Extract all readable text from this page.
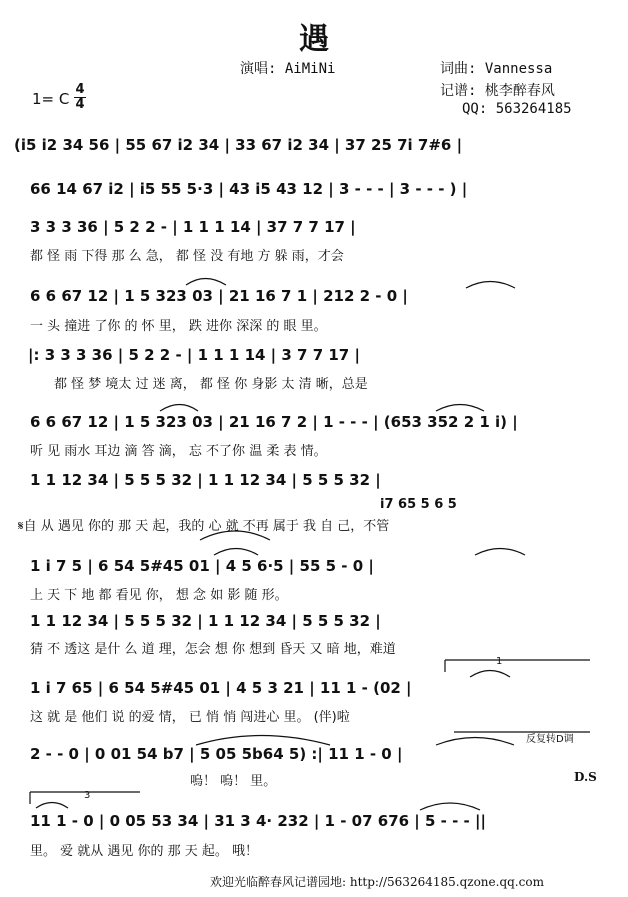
遇
演唱: AiMiNi	词曲: Vannessa
记谱: 桃李醉春风
QQ: 563264185
1= C
4
4
(i5 i2 34 56 | 55 67 i2 34 | 33 67 i2 34 | 37 25 7i 7#6 |
66 14 67 i2 | i5 55 5·3 | 43 i5 43 12 | 3 - - - | 3 - - - ) |
3 3 3 36 | 5 2 2 - | 1 1 1 14 | 37 7 7 17 |
都 怪 雨 下得 那 么 急， 都 怪 没 有地 方 躲 雨，才会
6 6 67 12 | 1 5 323 03 | 21 16 7 1 | 212 2 - 0 |
一 头 撞进 了你 的 怀 里， 跌 进你 深深 的 眼 里。
|: 3 3 3 36 | 5 2 2 - | 1 1 1 14 | 3 7 7 17 |
都 怪 梦 境太 过 迷 离， 都 怪 你 身影 太 清 晰，总是
6 6 67 12 | 1 5 323 03 | 21 16 7 2 | 1 - - - | (653 352 2 1 i) |
听 见 雨水 耳边 滴 答 滴， 忘 不了你 温 柔 表 情。
1 1 12 34 | 5 5 5 32 | 1 1 12 34 | 5 5 5 32 |
i7 65 5 6 5
𝄋自 从 遇见 你的 那 天 起，我的 心 就 不再 属于 我 自 己，不管
1 i 7 5 | 6 54 5#45 01 | 4 5 6·5 | 55 5 - 0 |
上 天 下 地 都 看见 你， 想 念 如 影 随 形。
1 1 12 34 | 5 5 5 32 | 1 1 12 34 | 5 5 5 32 |
猜 不 透这 是什 么 道 理，怎会 想 你 想到 昏天 又 暗 地，难道
1
1 i 7 65 | 6 54 5#45 01 | 4 5 3 21 | 11 1 - (02 |
这 就 是 他们 说 的爱 情， 已 悄 悄 闯进心 里。 (伴)啦
反复转D调
2 - - 0 | 0 01 54 b7 | 5 05 5b64 5) :| 11 1 - 0 |
嗚！ 嗚！ 里。	D.S
3
11 1 - 0 | 0 05 53 34 | 31 3 4· 232 | 1 - 07 676 | 5 - - - ||
里。 爱 就从 遇见 你的 那 天 起。 哦！
欢迎光临醉春风记谱园地: http://563264185.qzone.qq.com
